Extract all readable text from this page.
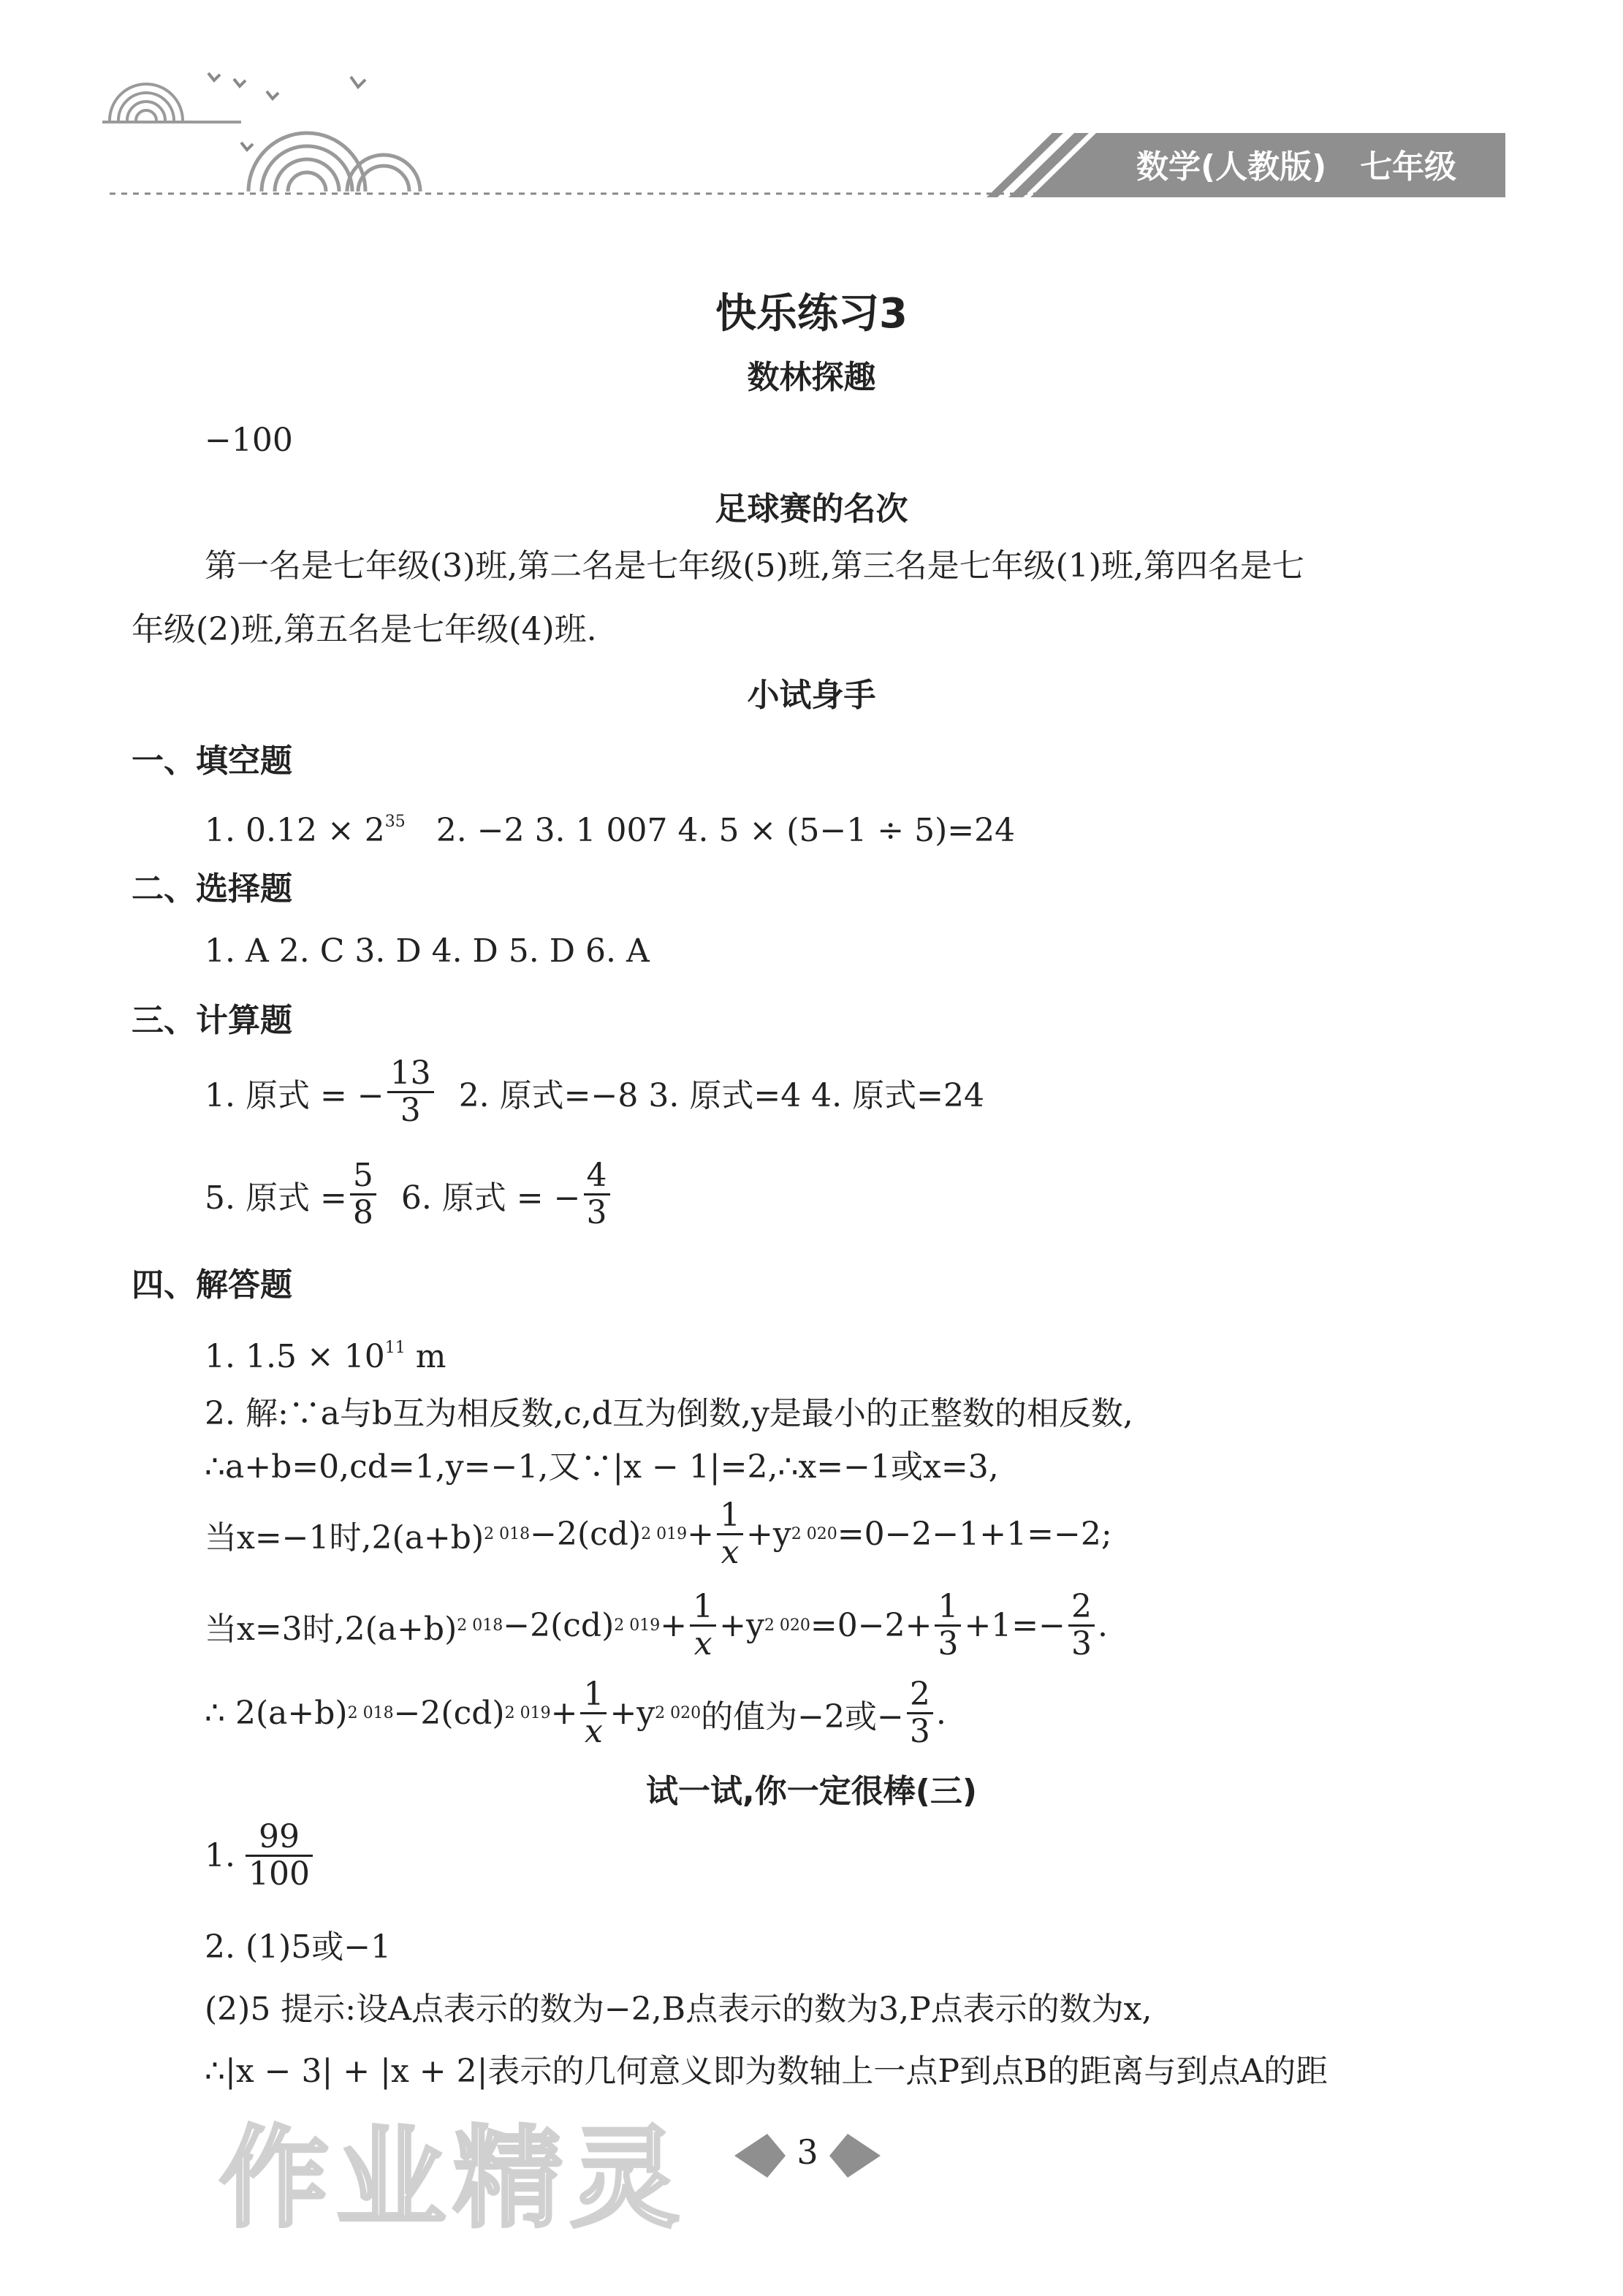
数学(人教版) 七年级
快乐练习3
数林探趣
−100
足球赛的名次
第一名是七年级(3)班,第二名是七年级(5)班,第三名是七年级(1)班,第四名是七
年级(2)班,第五名是七年级(4)班.
小试身手
一、填空题
1. $0.12 \times 2^{35}$ 2. −2 3. 1 007 4. 5 × (5−1 ÷ 5)=24
二、选择题
1. A 2. C 3. D 4. D 5. D 6. A
三、计算题
1. 原式 = − $\frac{13}{3} 2$. 原式=−8 3. 原式=4 4. 原式=24
5. 原式 = $\frac{5}{8} 6$. 原式 = − $\frac{4}{3}$
四、解答题
1. $1.5 \times 10^{11}$ m
2. 解:∵a与b互为相反数,c,d互为倒数,y是最小的正整数的相反数,
∴a+b=0,cd=1,y=−1,又∵|x − 1|=2,∴x=−1或x=3,
当x=−1时,2(a+b) 2 018 −2(cd) 2 $019 + \frac{1}{x} +y$ 2 020 =0−2−1+1=−2;
当x=3时,2(a+b) 2 018 −2(cd) 2 $019 + \frac{1}{x} +y$ 2 $020 =0-2+ \frac{1}{3} +1=- \frac{2}{3}$ .
∴ 2(a+b) 2 018 −2(cd) 2 $019 + \frac{1}{x} +y$ 2 020 的值为−2或− $\frac{2}{3}$ .
试一试,你一定很棒(三)
1. $\frac{99}{100}$
2. (1)5或−1
(2)5 提示:设A点表示的数为−2,B点表示的数为3,P点表示的数为x,
∴|x − 3| + |x + 2|表示的几何意义即为数轴上一点P到点B的距离与到点A的距
3
作业精灵
